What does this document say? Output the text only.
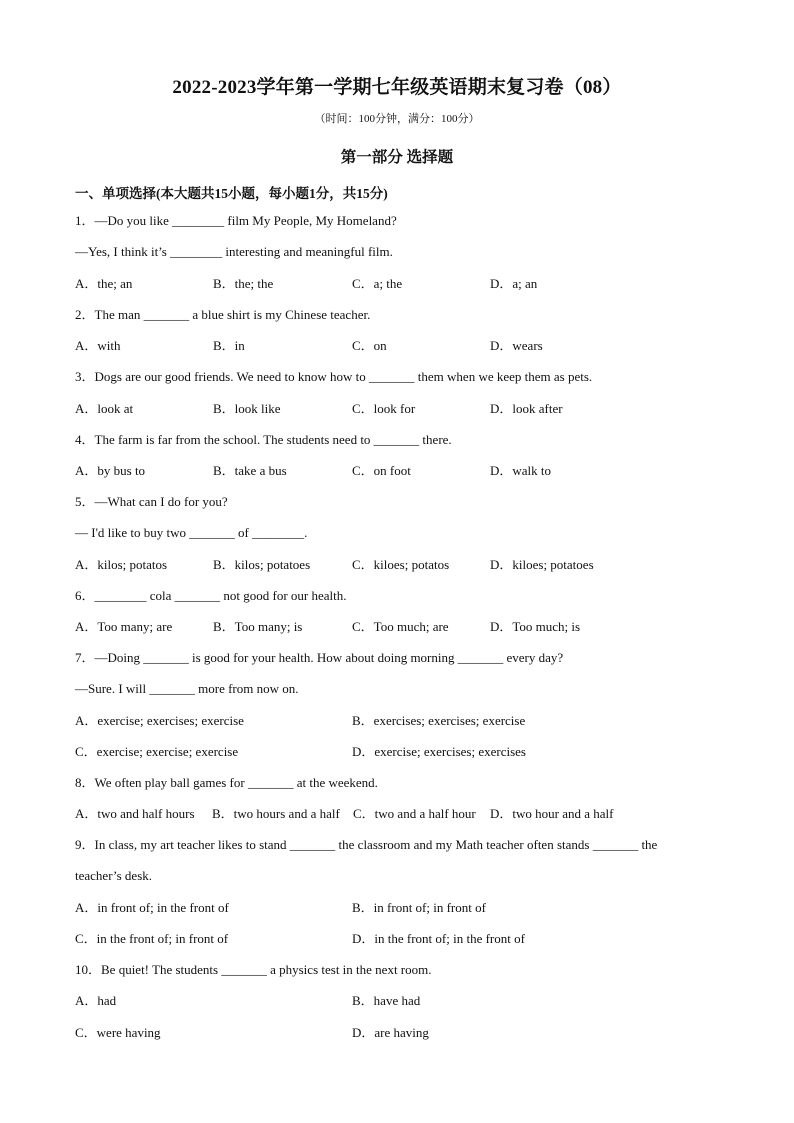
2022-2023学年第一学期七年级英语期末复习卷（08）
（时间：100分钟，满分：100分）
第一部分 选择题
一、单项选择(本大题共15小题，每小题1分，共15分)
1．—Do you like ________ film My People, My Homeland?
—Yes, I think it’s ________ interesting and meaningful film.
A．the; an	B．the; the	C．a; the	D．a; an
2．The man _______ a blue shirt is my Chinese teacher.
A．with	B．in	C．on	D．wears
3．Dogs are our good friends. We need to know how to _______ them when we keep them as pets.
A．look at	B．look like	C．look for	D．look after
4．The farm is far from the school. The students need to _______ there.
A．by bus to	B．take a bus	C．on foot	D．walk to
5．—What can I do for you?
— I'd like to buy two _______ of ________.
A．kilos; potatos	B．kilos; potatoes	C．kiloes; potatos	D．kiloes; potatoes
6．________ cola _______ not good for our health.
A．Too many; are	B．Too many; is	C．Too much; are	D．Too much; is
7．—Doing _______ is good for your health. How about doing morning _______ every day?
—Sure. I will _______ more from now on.
A．exercise; exercises; exercise	B．exercises; exercises; exercise
C．exercise; exercise; exercise	D．exercise; exercises; exercises
8．We often play ball games for _______ at the weekend.
A．two and half hours B．two hours and a half C．two and a half hour D．two hour and a half
9．In class, my art teacher likes to stand _______ the classroom and my Math teacher often stands _______ the
teacher’s desk.
A．in front of; in the front of	B．in front of; in front of
C．in the front of; in front of	D．in the front of; in the front of
10．Be quiet! The students _______ a physics test in the next room.
A．had	B．have had
C．were having	D．are having
